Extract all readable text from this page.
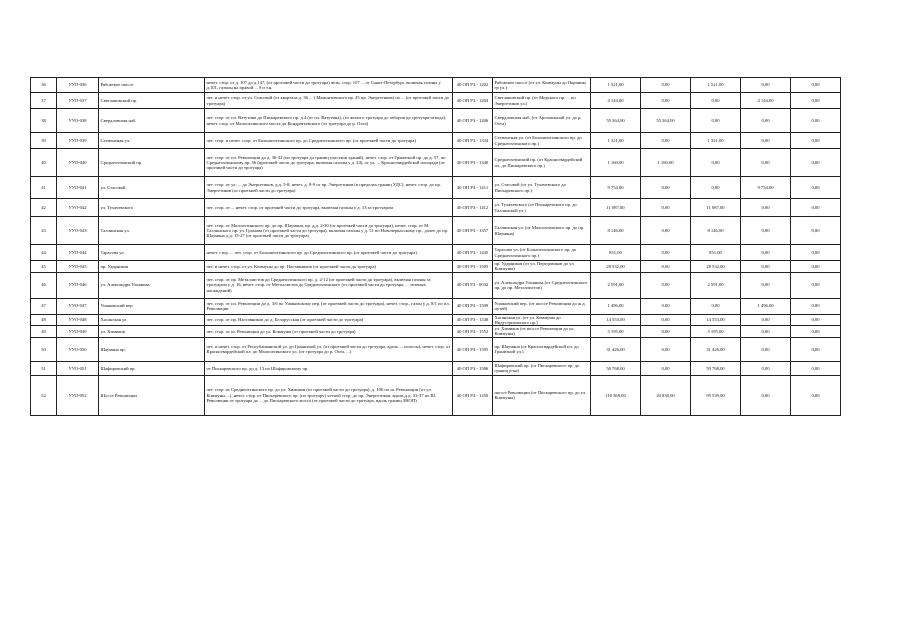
36	УУО-036	Рябовское шоссе	нечет. стор. от д. 107 до д.147, (от проезжей части до тротуара) четн. стор. 107 ... от Санкт-Петербург. включая газоны у д.101, газоны на правой ... 9 и т.н.	40 ОП РЗ - 1202	Рябовское шоссе (от ул. Коммуны до Окраины гр ул.)	1 521,00	0,00	1 521,00	0,00	0,00
37	УУО-037	Светлановский пр.	чет. и нечет. стор. от ул. Стасовой (от квартала д. 36 ... ) Мамонтовского пр. 45 пр. Энергетиков) по ... (от проезжей части до тротуара)	40 ОП РЗ - 1204	Светлановский пр. (от Морского пр. ... по Энергетиков ул.)	4 144,00	0,00	0,00	4 144,00	0,00
38	УУО-038	Свердловская наб.	чет. стор. от пл. Ватутина до Пискаревского пр. д.4 (от пл. Ватутина), (от жилого тротуара до заборов до тротуара-отвода), нечет. стор. от Малоохтинского моста до Кондратьевского (от тротуара до р. Охта)	40 ОП РЗ - 1206	Свердловская наб. (от Арсенальной ул. до р. Охта)	55 264,00	55 264,00	0,00	0,00	0,00
39	УУО-039	Сегментная ул.	чет. стор. и нечет. стор. от Большеохтинского пр. до Среднеохтинского пр. (от проезжей части до тротуара)	40 ОП РЗ - 1334	Сегментная ул. (от Большеохтинского пр. до Среднеохтинского пр.)	1 321,00	0,00	1 321,00	0,00	0,00
40	УУО-040	Среднеохтинский пр.	чет. стор. от пл. Революции до д. 30-32 (по тротуара до границ участков зданий), нечет. стор. от Гранитной пр. до д. 57, по Среднеохтинскому пр. 56 (проезжей части до тротуара, включая газоны у д. 24), от ул. ... Красногвардейской площади (от проезжей части до тротуара)	40 ОП РЗ - 1340	Среднеохтинский пр. (от Красногвардейской пл. до Пискаревского пр.)	1 160,00	1 160,00	0,00	0,00	0,00
41	УУО-041	ул. Стасовой	чет. стор. от ул. ... до Энергетиков, д.д. 5-8, нечет. д. 8-9 от пр. Энергетиков (в пределах границ УДС), нечет. стор. до пр. Энергетиков (от проезжей части до тротуара)	40 ОП РЗ - 1411	ул. Стасовой (от ул. Тухачевского до Пискаревского пр.)	9 754,00	0,00	0,00	9 754,00	0,00
42	УУО-042	ул. Тухачевского	чет. стор. от ... нечет. стор. от проезжей части до тротуара, включая газоны у д. 13 за тротуаром	40 ОП РЗ - 1412	ул. Тухачевского (от Пискаревского пр. до Таллинской ул.)	11 087,00	0,00	11 087,00	0,00	0,00
43	УУО-043	Таллинская ул.	чет. стор. от Малоохтинского пр. до пр. Шаумяна, пр. д.д. 2-30 (от проезжей части до тротуара), нечет. стор. от М. Таллинского пр. ул. Громова (от проезжей части до тротуара), включая газоны у д. 51 по Новочеркасскому пр., далее до пр. Шаумяна д.д. 15-27 (от проезжей части до тротуара)	40 ОП РЗ - 1357	Таллинская ул. (от Малоохтинского пр. до пр. Шаумяна)	8 146,00	0,00	8 146,00	0,00	0,00
44	УУО-044	Тарасова ул.	нечет. стор. ... чет. стор. от Большеохтинского пр. до Среднеохтинского пр. (от проезжей части до тротуара)	40 ОП РЗ - 1445	Тарасова ул. (от Большеохтинского пр. до Среднеохтинского пр.)	851,00	0,00	851,00	0,00	0,00
45	УУО-045	пр. Ударников	чет. и нечет. стор. от ул. Коммуны до пр. Наставников (от проезжей части до тротуара)	40 ОП РЗ - 1505	пр. Ударников (от ул. Передовиков до ул. Коммуны)	28 532,00	0,00	28 532,00	0,00	0,00
46	УУО-046	ул. Александра Ульянова	чет. стор. от пр. Металлистов до Среднеохтинского пр. д. 2-12 (от проезжей части до тротуара), включая газоны за тротуаром у д. 16, нечет. стор. от Металлистов до Среднеохтинского (от проезжей части до тротуара, ... зеленых насаждений)	40 ОП РЗ - 0032	ул. Александра Ульянова (от Среднеохтинского пр. до пр. Металлистов)	2 591,00	0,00	2 591,00	0,00	0,00
47	УУО-047	Ушаковский пер.	чет. стор. от пл. Революции до д. 3/6 по Ушаковскому пер. (от проезжей части до тротуара), нечет. стор., газон у д. 8/1 по пл. Революции	40 ОП РЗ - 1509	Ушаковский пер. (от шоссе Революции до ж.д. путей)	1 496,00	0,00	0,00	1 496,00	0,00
48	УУО-048	Хасанская ул.	чет. стор. от пр. Наставников до д. Белорусская (от проезжей части до тротуара)	40 ОП РЗ - 1548	Хасанская ул. (от ул. Коммуны до Индустриального пр.)	14 553,00	0,00	14 553,00	0,00	0,00
49	УУО-049	ул. Химиков	чет. стор. от ш. Революции до ул. Коммуны (от проезжей части до тротуара)	40 ОП РЗ - 1552	ул. Химиков (от шоссе Революции до ул. Коммуны)	5 195,00	0,00	5 195,00	0,00	0,00
50	УУО-050	Шаумяна пр.	чет. и нечет. стор. от Республиканской ул. до Гранитной ул. (от проезжей части до тротуара, вдоль ... полосы), нечет. стор. от Красногвардейской пл. до Малоохтинского ул. (от тротуара до р. Охта, ...)	40 ОП РЗ - 1595	пр. Шаумяна (от Красногвардейской пл. до Гранитной ул.)	31 426,00	0,00	31 426,00	0,00	0,00
51	УУО-051	Шафировский пр.	от Пискаревского пр. до д. 13 по Шафировскому пр.	40 ОП РЗ - 1586	Шафировский пр. (от Пискаревского пр. до границ р-на)	50 768,00	0,00	50 768,00	0,00	0,00
52	УУО-052	Шоссе Революции	чет. стор. от Среднеохтинского пр. до ул. Химиков (от проезжей части до тротуара), д. 106 по ш. Революции (от ул. Коммуны ...), нечет. стор. от Пискаревского пр. (по тротуару) четной стор. до пр. Энергетиков, вдоль д.д. 33-37 по Ш. Революции от тротуара до ... до Пискаревского моста (от проезжей части до тротуара, вдоль границ ЗНОП)	40 ОП РЗ - 1250	шоссе Революции (от Пискаревского пр. до ул. Коммуны)	116 369,00	20 830,00	95 539,00	0,00	0,00
